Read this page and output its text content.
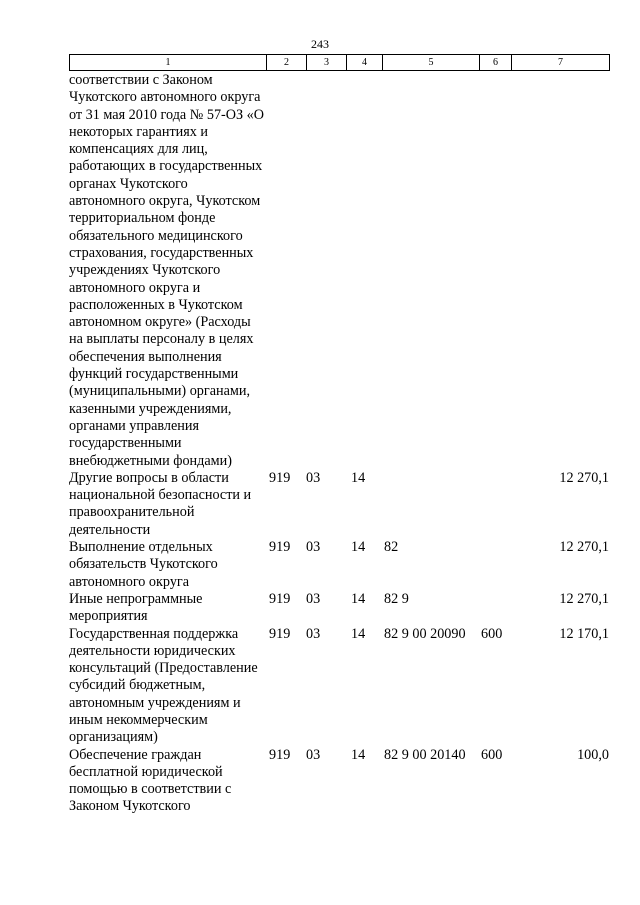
243
1	2	3	4	5	6	7
соответствии с Законом Чукотского автономного округа от 31 мая 2010 года № 57-ОЗ «О некоторых гарантиях и компенсациях для лиц, работающих в государственных органах Чукотского автономного округа, Чукотском территориальном фонде обязательного медицинского страхования, государственных учреждениях Чукотского автономного округа и расположенных в Чукотском автономном округе» (Расходы на выплаты персоналу в целях обеспечения выполнения функций государственными (муниципальными) органами, казенными учреждениями, органами управления государственными внебюджетными фондами)						

Другие вопросы в области национальной безопасности и правоохранительной деятельности	919	03	14			12 270,1

Выполнение отдельных обязательств Чукотского автономного округа	919	03	14	82		12 270,1

Иные непрограммные мероприятия	919	03	14	82 9		12 270,1

Государственная поддержка деятельности юридических консультаций (Предоставление субсидий бюджетным, автономным учреждениям и иным некоммерческим организациям)	919	03	14	82 9 00 20090	600	12 170,1

Обеспечение граждан бесплатной юридической помощью в соответствии с Законом Чукотского	919	03	14	82 9 00 20140	600	100,0
